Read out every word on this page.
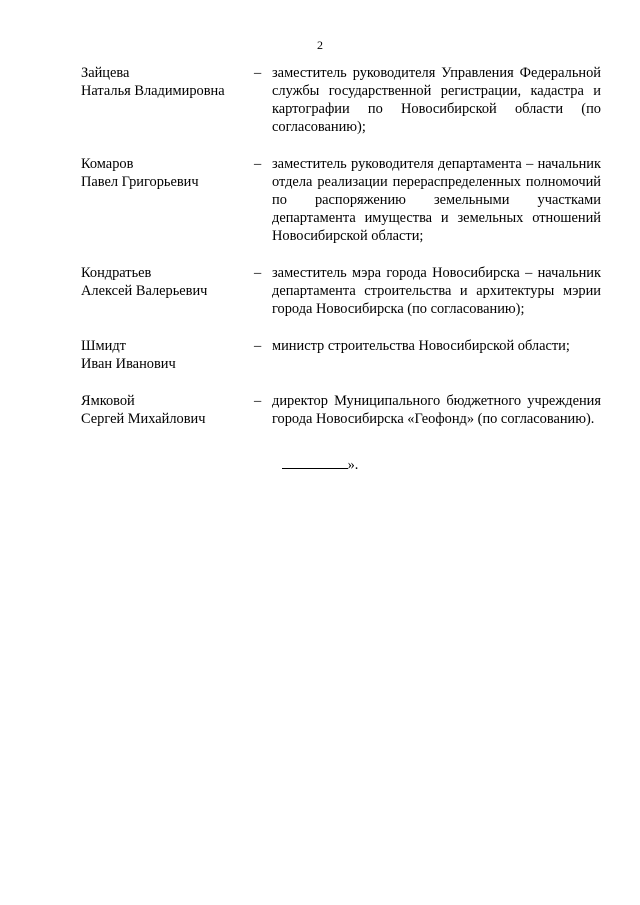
2
Зайцева
Наталья Владимировна
– заместитель руководителя Управления Федеральной службы государственной регистрации, кадастра и картографии по Новосибирской области (по согласованию);
Комаров
Павел Григорьевич
– заместитель руководителя департамента – начальник отдела реализации перераспределенных полномочий по распоряжению земельными участками департамента имущества и земельных отношений Новосибирской области;
Кондратьев
Алексей Валерьевич
– заместитель мэра города Новосибирска – начальник департамента строительства и архитектуры мэрии города Новосибирска (по согласованию);
Шмидт
Иван Иванович
– министр строительства Новосибирской области;
Ямковой
Сергей Михайлович
– директор Муниципального бюджетного учреждения города Новосибирска «Геофонд» (по согласованию).
».
